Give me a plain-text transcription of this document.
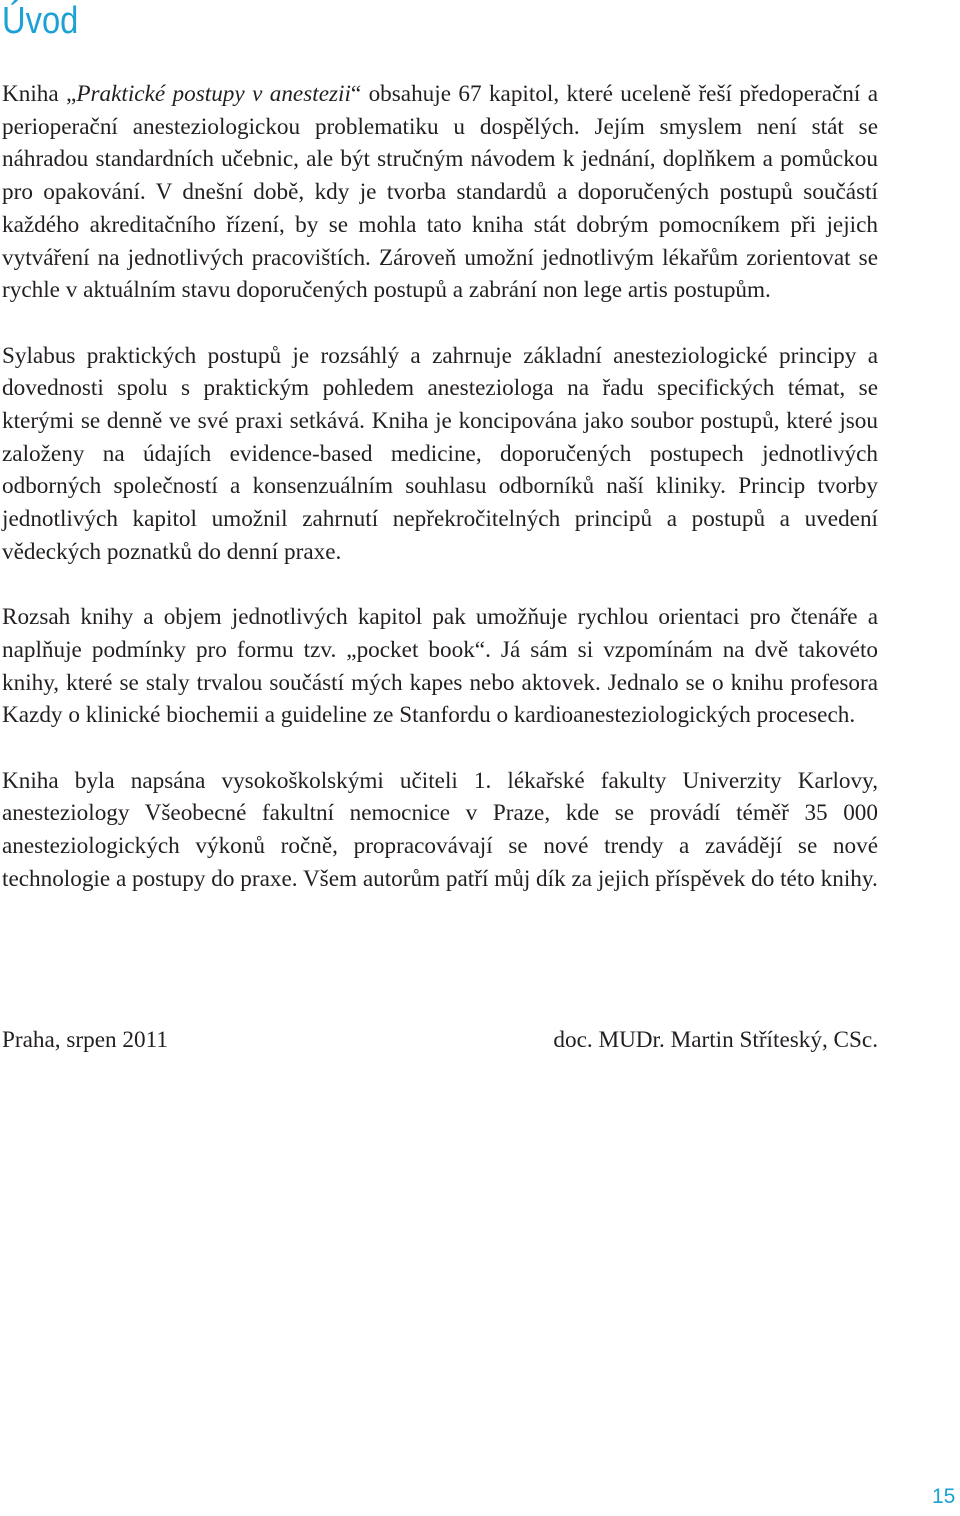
Úvod

Kniha „Praktické postupy v anestezii“ obsahuje 67 kapitol, které uceleně řeší předoperační a perioperační anesteziologickou problematiku u dospělých. Jejím smyslem není stát se náhradou standardních učebnic, ale být stručným návodem k jednání, doplňkem a pomůckou pro opakování. V dnešní době, kdy je tvorba standardů a doporučených postupů součástí každého akreditačního řízení, by se mohla tato kniha stát dobrým pomocníkem při jejich vytváření na jednotlivých pracovištích. Zároveň umožní jednotlivým lékařům zorientovat se rychle v aktuálním stavu doporučených postupů a zabrání non lege artis postupům.

Sylabus praktických postupů je rozsáhlý a zahrnuje základní anesteziologické principy a dovednosti spolu s praktickým pohledem anesteziologa na řadu specifických témat, se kterými se denně ve své praxi setkává. Kniha je koncipována jako soubor postupů, které jsou založeny na údajích evidence-based medicine, doporučených postupech jednotlivých odborných společností a konsenzuálním souhlasu odborníků naší kliniky. Princip tvorby jednotlivých kapitol umožnil zahrnutí nepřekročitelných principů a postupů a uvedení vědeckých poznatků do denní praxe.

Rozsah knihy a objem jednotlivých kapitol pak umožňuje rychlou orientaci pro čtenáře a naplňuje podmínky pro formu tzv. „pocket book“. Já sám si vzpomínám na dvě takovéto knihy, které se staly trvalou součástí mých kapes nebo aktovek. Jednalo se o knihu profesora Kazdy o klinické biochemii a guideline ze Stanfordu o kardioanesteziologických procesech.

Kniha byla napsána vysokoškolskými učiteli 1. lékařské fakulty Univerzity Karlovy, anesteziology Všeobecné fakultní nemocnice v Praze, kde se provádí téměř 35 000 anesteziologických výkonů ročně, propracovávají se nové trendy a zavádějí se nové technologie a postupy do praxe. Všem autorům patří můj dík za jejich příspěvek do této knihy.

Praha, srpen 2011	doc. MUDr. Martin Stříteský, CSc.
15
